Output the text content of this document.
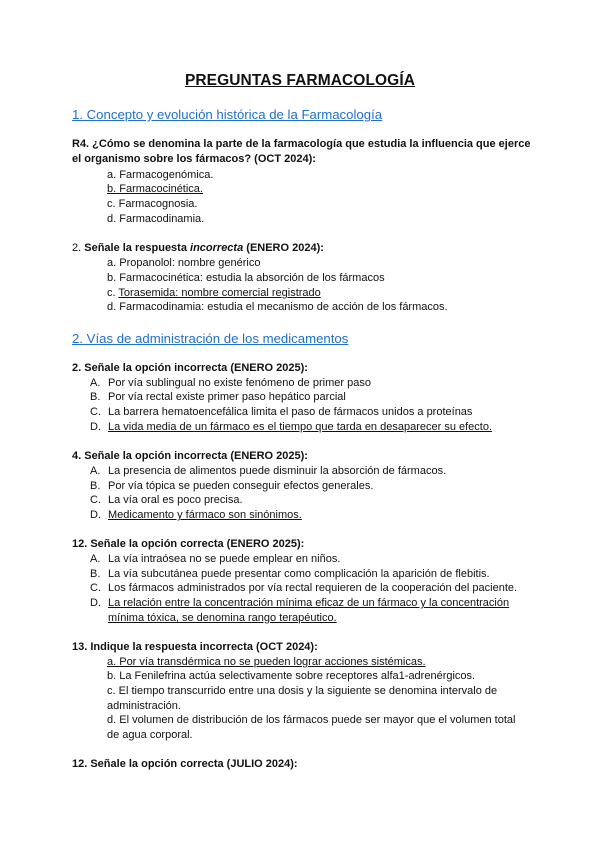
PREGUNTAS FARMACOLOGÍA
1. Concepto y evolución histórica de la Farmacología
R4. ¿Cómo se denomina la parte de la farmacología que estudia la influencia que ejerce el organismo sobre los fármacos? (OCT 2024):
a. Farmacogenómica.
b. Farmacocinética.
c. Farmacognosia.
d. Farmacodinamia.
2. Señale la respuesta incorrecta (ENERO 2024):
a. Propanolol: nombre genérico
b. Farmacocinética: estudia la absorción de los fármacos
c. Torasemida: nombre comercial registrado
d. Farmacodinamia: estudia el mecanismo de acción de los fármacos.
2. Vías de administración de los medicamentos
2. Señale la opción incorrecta (ENERO 2025):
A. Por vía sublingual no existe fenómeno de primer paso
B. Por vía rectal existe primer paso hepático parcial
C. La barrera hematoencefálica limita el paso de fármacos unidos a proteínas
D. La vida media de un fármaco es el tiempo que tarda en desaparecer su efecto.
4. Señale la opción incorrecta (ENERO 2025):
A. La presencia de alimentos puede disminuir la absorción de fármacos.
B. Por vía tópica se pueden conseguir efectos generales.
C. La vía oral es poco precisa.
D. Medicamento y fármaco son sinónimos.
12. Señale la opción correcta (ENERO 2025):
A. La vía intraósea no se puede emplear en niños.
B. La vía subcutánea puede presentar como complicación la aparición de flebitis.
C. Los fármacos administrados por vía rectal requieren de la cooperación del paciente.
D. La relación entre la concentración mínima eficaz de un fármaco y la concentración
mínima tóxica, se denomina rango terapéutico.
13. Indique la respuesta incorrecta (OCT 2024):
a. Por vía transdérmica no se pueden lograr acciones sistémicas.
b. La Fenilefrina actúa selectivamente sobre receptores alfa1-adrenérgicos.
c. El tiempo transcurrido entre una dosis y la siguiente se denomina intervalo de
administración.
d. El volumen de distribución de los fármacos puede ser mayor que el volumen total
de agua corporal.
12. Señale la opción correcta (JULIO 2024):
